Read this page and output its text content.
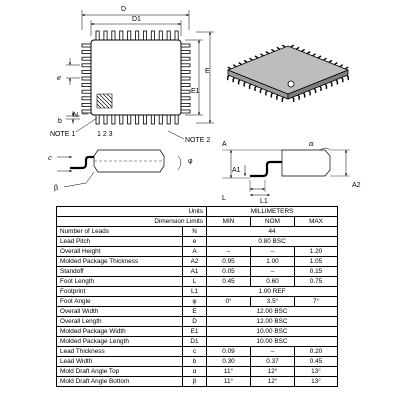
D
D1
E
E1
e
b
N
NOTE 1	1 2 3
NOTE 2
c
β
φ
A
L	L1
A1
A2
α
Units		MILLIMETERS		
Dimension Limits		MIN	NOM	MAX
Number of Leads	N	44		
Lead Pitch	e	0.80 BSC		
Overall Height	A	–	–	1.20
Molded Package Thickness	A2	0.95	1.00	1.05
Standoff	A1	0.05	–	0.15
Foot Length	L	0.45	0.60	0.75
Footprint	L1	1.00 REF		
Foot Angle	φ	0°	3.5°	7°
Overall Width	E	12.00 BSC		
Overall Length	D	12.00 BSC		
Molded Package Width	E1	10.00 BSC		
Molded Package Length	D1	10.00 BSC		
Lead Thickness	c	0.09	–	0.20
Lead Width	b	0.30	0.37	0.45
Mold Draft Angle Top	α	11°	12°	13°
Mold Draft Angle Bottom	β	11°	12°	13°
